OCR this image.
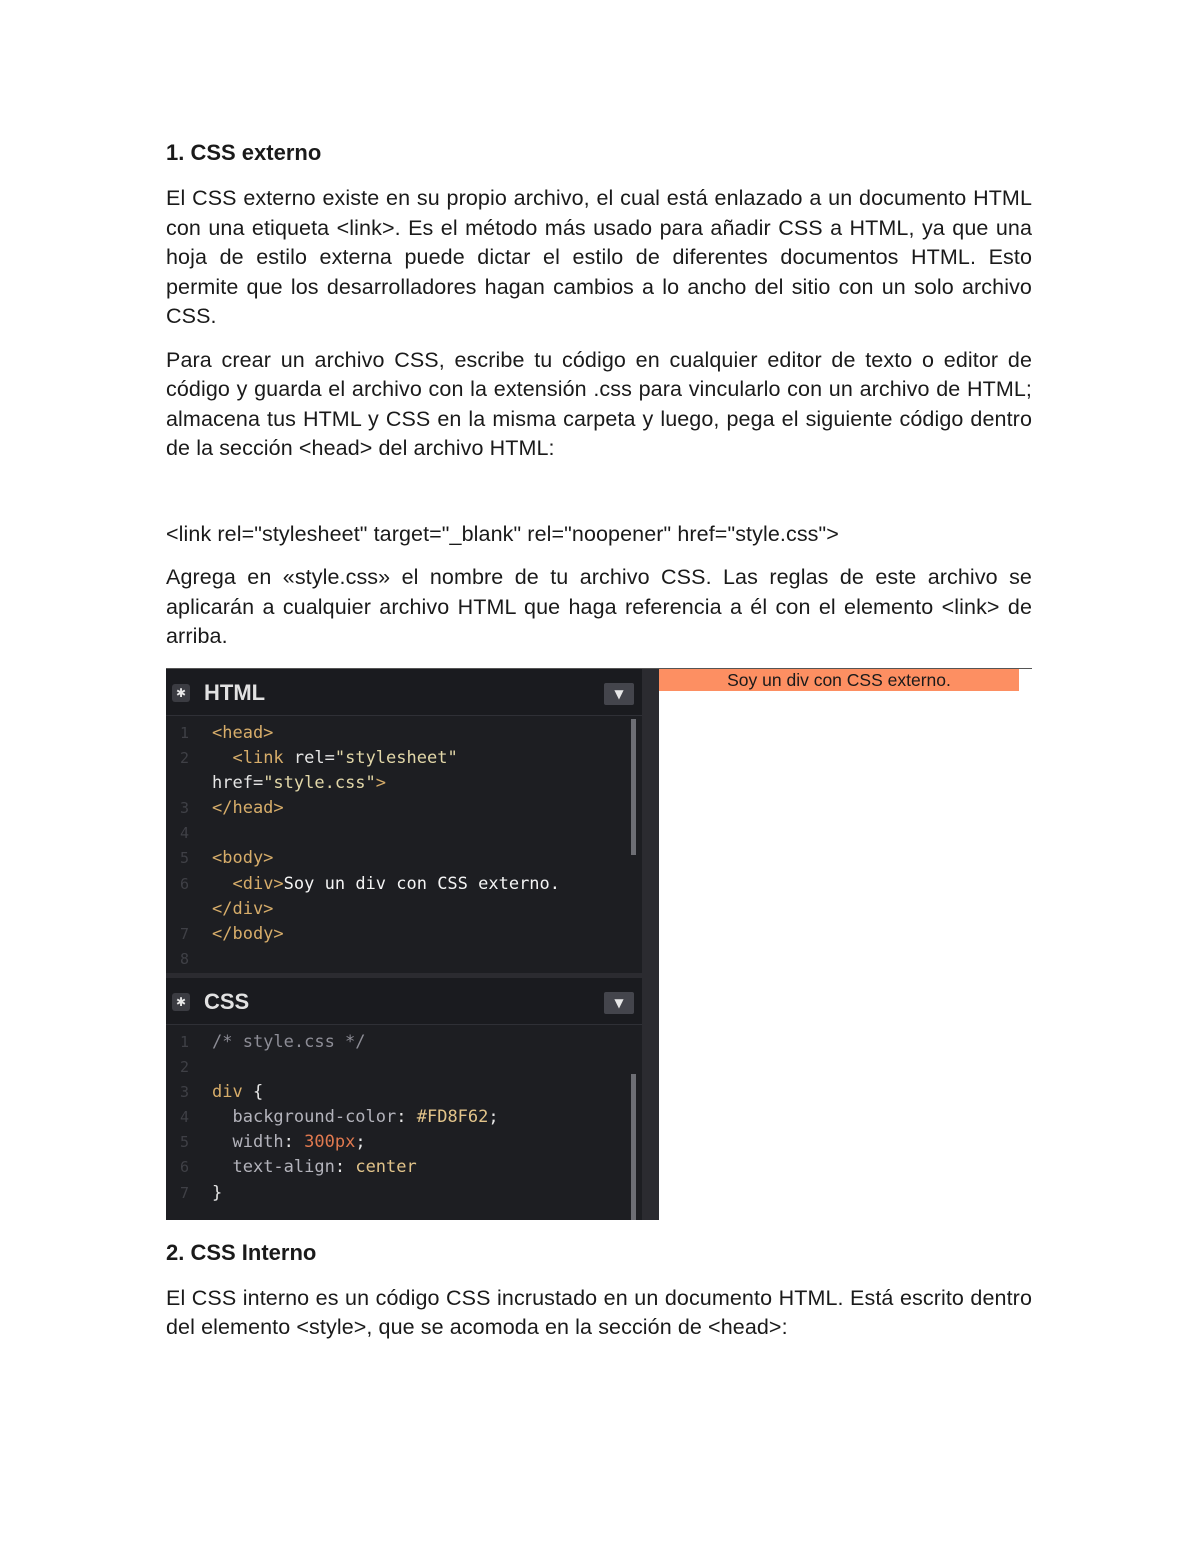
1. CSS externo

El CSS externo existe en su propio archivo, el cual está enlazado a un documento HTML con una etiqueta <link>. Es el método más usado para añadir CSS a HTML, ya que una hoja de estilo externa puede dictar el estilo de diferentes documentos HTML. Esto permite que los desarrolladores hagan cambios a lo ancho del sitio con un solo archivo CSS.

Para crear un archivo CSS, escribe tu código en cualquier editor de texto o editor de código y guarda el archivo con la extensión .css para vincularlo con un archivo de HTML; almacena tus HTML y CSS en la misma carpeta y luego, pega el siguiente código dentro de la sección <head> del archivo HTML:

<link rel="stylesheet" target="_blank" rel="noopener" href="style.css">

Agrega en «style.css» el nombre de tu archivo CSS. Las reglas de este archivo se aplicarán a cualquier archivo HTML que haga referencia a él con el elemento <link> de arriba.

✱ HTML	▼
1	<head>
2
	<link rel= "stylesheet"
href= "style.css" >
3	</head>
4
5	<body>
6
	<div> Soy un div con CSS externo.
</div>
7	</body>
8
✱ CSS	▼
1	/* style.css */
2
3	div {
4
	background-color : #FD8F62 ;
5
	width : 300px ;
6
	text-align : center
7	}
Soy un div con CSS externo.
2. CSS Interno

El CSS interno es un código CSS incrustado en un documento HTML. Está escrito dentro del elemento <style>, que se acomoda en la sección de <head>:
